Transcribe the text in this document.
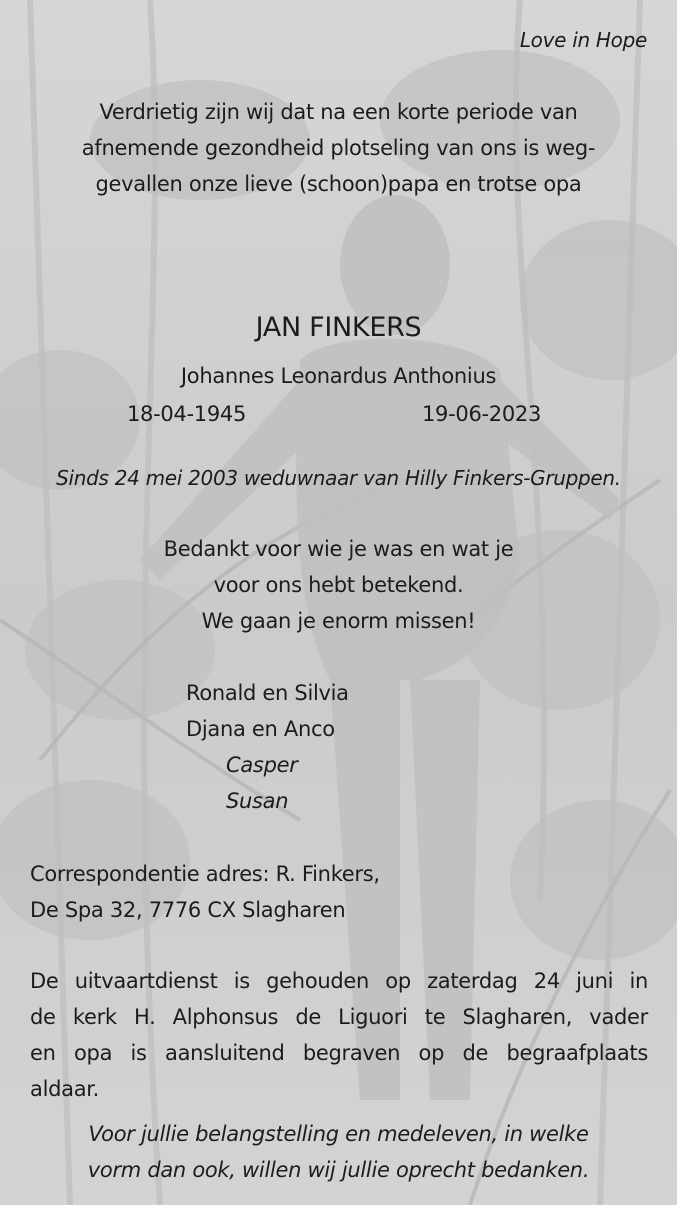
Love in Hope

Verdrietig zijn wij dat na een korte periode van

afnemende gezondheid plotseling van ons is weg-

gevallen onze lieve (schoon)papa en trotse opa

JAN FINKERS

Johannes Leonardus Anthonius

18-04-1945	19-06-2023

Sinds 24 mei 2003 weduwnaar van Hilly Finkers-Gruppen.

Bedankt voor wie je was en wat je

voor ons hebt betekend.

We gaan je enorm missen!

Ronald en Silvia

Djana en Anco

Casper

Susan

Correspondentie adres: R. Finkers,

De Spa 32, 7776 CX Slagharen

De uitvaartdienst is gehouden op zaterdag 24 juni in

de kerk H. Alphonsus de Liguori te Slagharen, vader

en opa is aansluitend begraven op de begraafplaats

aldaar.

Voor jullie belangstelling en medeleven, in welke

vorm dan ook, willen wij jullie oprecht bedanken.
